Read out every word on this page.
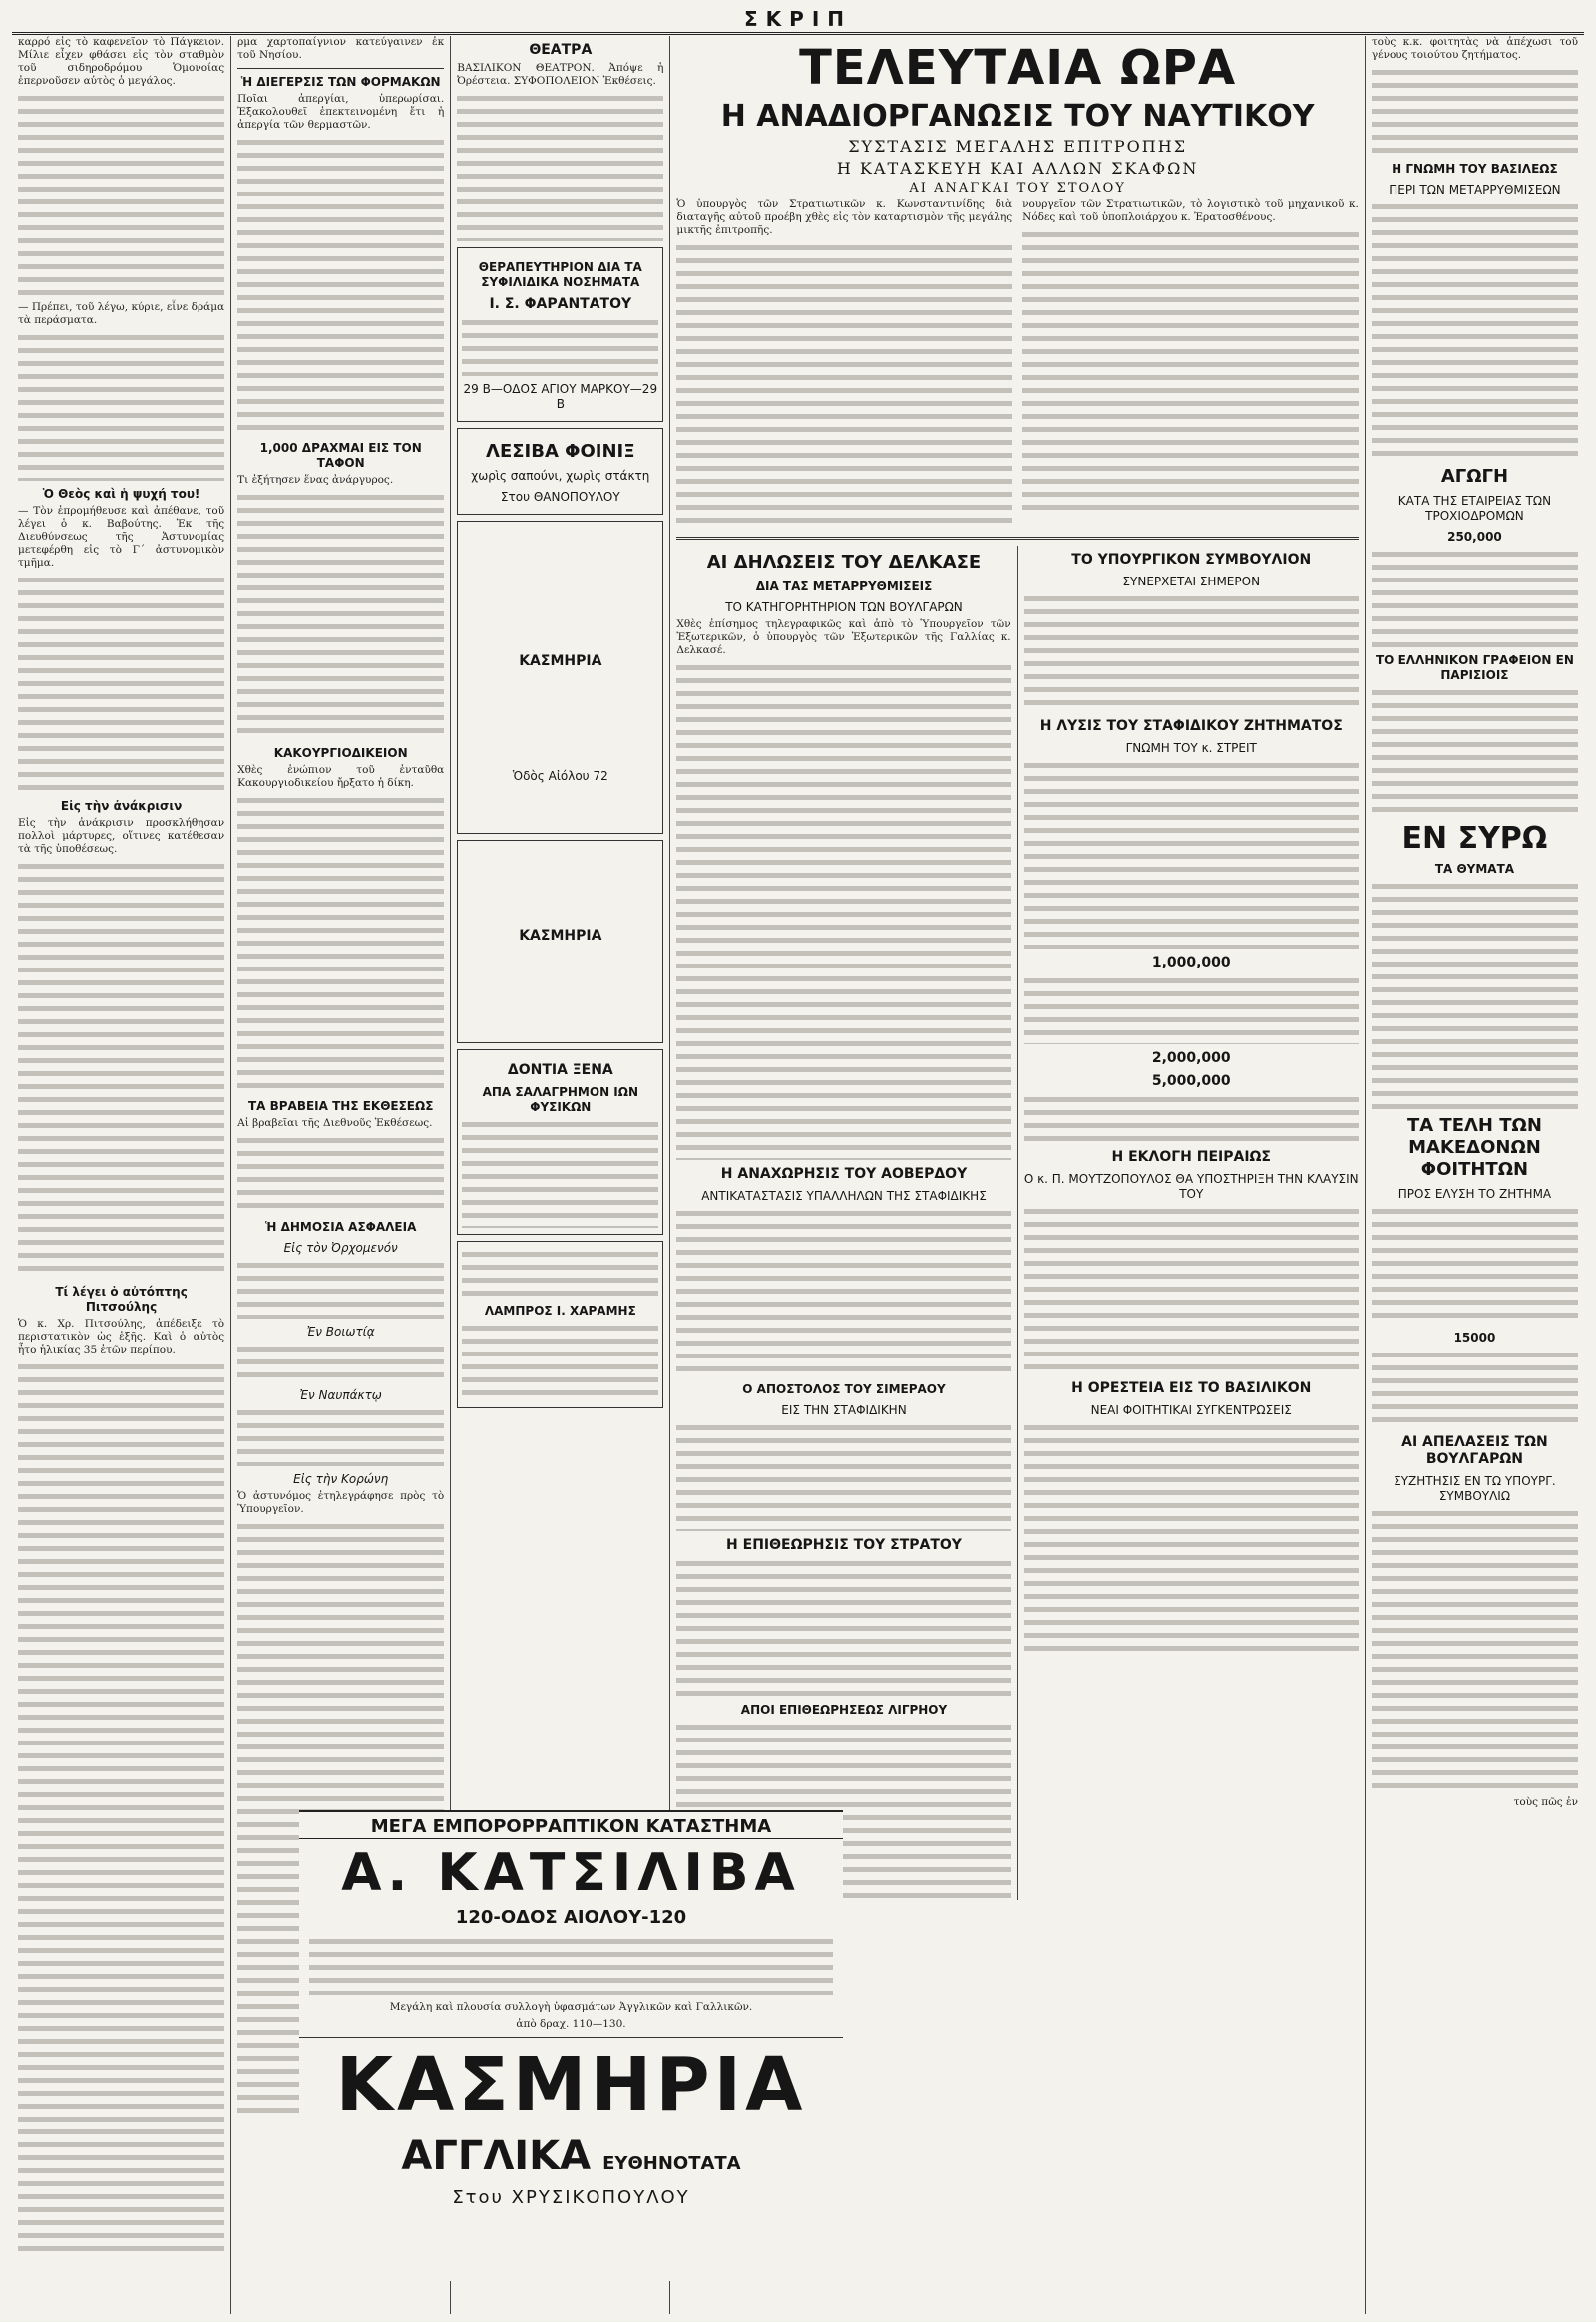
ΣΚΡΙΠ

καρρό εἰς τὸ καφενεῖον τὸ Πάγκειον. Μίλιε εἶχεν φθάσει εἰς τὸν σταθμὸν τοῦ σιδηροδρόμου Ὁμονοίας ἐπερνοῦσεν αὐτὸς ὁ μεγάλος.

— Πρέπει, τοῦ λέγω, κύριε, εἶνε δράμα τὰ περάσματα.

Ὁ Θεὸς καὶ ἡ ψυχή του!

— Τὸν ἐπρομήθευσε καὶ ἀπέθανε, τοῦ λέγει ὁ κ. Βαβούτης. Ἐκ τῆς Διευθύνσεως τῆς Ἀστυνομίας μετεφέρθη εἰς τὸ Γ΄ ἀστυνομικὸν τμῆμα.

Εἰς τὴν ἀνάκρισιν

Εἰς τὴν ἀνάκρισιν προσκλήθησαν πολλοὶ μάρτυρες, οἵτινες κατέθεσαν τὰ τῆς ὑποθέσεως.

Τί λέγει ὁ αὐτόπτης Πιτσούλης

Ὁ κ. Χρ. Πιτσούλης, ἀπέδειξε τὸ περιστατικὸν ὡς ἑξῆς. Καὶ ὁ αὐτὸς ἦτο ἡλικίας 35 ἐτῶν περίπου.

ρμα χαρτοπαίγνιον κατεύγαινεν ἐκ τοῦ Νησίου.

Ἡ ΔΙΕΓΕΡΣΙΣ ΤΩΝ ΦΟΡΜΑΚΩΝ

Ποῖαι ἀπεργίαι, ὑπερωρίσαι. Ἐξακολουθεῖ ἐπεκτεινομένη ἔτι ἡ ἀπεργία τῶν θερμαστῶν.

1,000 ΔΡΑΧΜΑΙ ΕΙΣ ΤΟΝ ΤΑΦΟΝ

Τι ἐξήτησεν ἕνας ἀνάργυρος.

ΚΑΚΟΥΡΓΙΟΔΙΚΕΙΟΝ

Χθὲς ἐνώπιον τοῦ ἐνταῦθα Κακουργιοδικείου ἤρξατο ἡ δίκη.

ΤΑ ΒΡΑΒΕΙΑ ΤΗΣ ΕΚΘΕΣΕΩΣ

Αἱ βραβεῖαι τῆς Διεθνοῦς Ἐκθέσεως.

Ἡ ΔΗΜΟΣΙΑ ΑΣΦΑΛΕΙΑ
Εἰς τὸν Ὀρχομενόν
Ἐν Βοιωτίᾳ
Ἐν Ναυπάκτῳ
Εἰς τὴν Κορώνη

Ὁ ἀστυνόμος ἐτηλεγράφησε πρὸς τὸ Ὑπουργεῖον.

ΘΕΑΤΡΑ

ΒΑΣΙΛΙΚΟΝ ΘΕΑΤΡΟΝ. Ἀπόψε ἡ Ὀρέστεια. ΣΥΦΟΠΟΛΕΙΟΝ Ἐκθέσεις.

ΘΕΡΑΠΕΥΤΗΡΙΟΝ ΔΙΑ ΤΑ ΣΥΦΙΛΙΔΙΚΑ ΝΟΣΗΜΑΤΑ
Ι. Σ. ΦΑΡΑΝΤΑΤΟΥ
29 Β—ΟΔΟΣ ΑΓΙΟΥ ΜΑΡΚΟΥ—29 Β
ΛΕΣΙΒΑ ΦΟΙΝΙΞ
χωρὶς σαπούνι, χωρὶς στάκτη
Στου ΘΑΝΟΠΟΥΛΟΥ
ΚΑΣΜΗΡΙΑ
Ὁδὸς Αἰόλου 72
ΚΑΣΜΗΡΙΑ
ΔΟΝΤΙΑ ΞΕΝΑ
ΑΠΑ ΣΑΛΑΓΡΗΜΟΝ ΙΩΝ ΦΥΣΙΚΩΝ
ΛΑΜΠΡΟΣ Ι. ΧΑΡΑΜΗΣ
ΤΕΛΕΥΤΑΙΑ ΩΡΑ
Η ΑΝΑΔΙΟΡΓΑΝΩΣΙΣ ΤΟΥ ΝΑΥΤΙΚΟΥ
ΣΥΣΤΑΣΙΣ ΜΕΓΑΛΗΣ ΕΠΙΤΡΟΠΗΣ
Η ΚΑΤΑΣΚΕΥΗ ΚΑΙ ΑΛΛΩΝ ΣΚΑΦΩΝ
ΑΙ ΑΝΑΓΚΑΙ ΤΟΥ ΣΤΟΛΟΥ

Ὁ ὑπουργὸς τῶν Στρατιωτικῶν κ. Κωνσταντινίδης διὰ διαταγῆς αὐτοῦ προέβη χθὲς εἰς τὸν καταρτισμὸν τῆς μεγάλης μικτῆς ἐπιτροπῆς.

νουργεῖον τῶν Στρατιωτικῶν, τὸ λογιστικὸ τοῦ μηχανικοῦ κ. Νόδες καὶ τοῦ ὑποπλοιάρχου κ. Ἐρατοσθένους.

ΑΙ ΔΗΛΩΣΕΙΣ ΤΟΥ ΔΕΛΚΑΣΕ
ΔΙΑ ΤΑΣ ΜΕΤΑΡΡΥΘΜΙΣΕΙΣ
ΤΟ ΚΑΤΗΓΟΡΗΤΗΡΙΟΝ ΤΩΝ ΒΟΥΛΓΑΡΩΝ

Χθὲς ἐπίσημος τηλεγραφικῶς καὶ ἀπὸ τὸ Ὑπουργεῖον τῶν Ἐξωτερικῶν, ὁ ὑπουργὸς τῶν Ἐξωτερικῶν τῆς Γαλλίας κ. Δελκασέ.

Η ΑΝΑΧΩΡΗΣΙΣ ΤΟΥ ΑΟΒΕΡΔΟΥ
ΑΝΤΙΚΑΤΑΣΤΑΣΙΣ ΥΠΑΛΛΗΛΩΝ ΤΗΣ ΣΤΑΦΙΔΙΚΗΣ
Ο ΑΠΟΣΤΟΛΟΣ ΤΟΥ ΣΙΜΕΡΑΟΥ
ΕΙΣ ΤΗΝ ΣΤΑΦΙΔΙΚΗΝ
Η ΕΠΙΘΕΩΡΗΣΙΣ ΤΟΥ ΣΤΡΑΤΟΥ
ΑΠΟΙ ΕΠΙΘΕΩΡΗΣΕΩΣ ΛΙΓΡΗΟΥ
ΤΟ ΥΠΟΥΡΓΙΚΟΝ ΣΥΜΒΟΥΛΙΟΝ
ΣΥΝΕΡΧΕΤΑΙ ΣΗΜΕΡΟΝ
Η ΛΥΣΙΣ ΤΟΥ ΣΤΑΦΙΔΙΚΟΥ ΖΗΤΗΜΑΤΟΣ
ΓΝΩΜΗ ΤΟΥ κ. ΣΤΡΕΙΤ
1,000,000
2,000,000
5,000,000
Η ΕΚΛΟΓΗ ΠΕΙΡΑΙΩΣ
Ο κ. Π. ΜΟΥΤΖΟΠΟΥΛΟΣ ΘΑ ΥΠΟΣΤΗΡΙΞΗ ΤΗΝ ΚΛΑΥΣΙΝ ΤΟΥ
Η ΟΡΕΣΤΕΙΑ ΕΙΣ ΤΟ ΒΑΣΙΛΙΚΟΝ
ΝΕΑΙ ΦΟΙΤΗΤΙΚΑΙ ΣΥΓΚΕΝΤΡΩΣΕΙΣ

τοὺς κ.κ. φοιτητὰς νὰ ἀπέχωσι τοῦ γένους τοιούτου ζητήματος.

Η ΓΝΩΜΗ ΤΟΥ ΒΑΣΙΛΕΩΣ
ΠΕΡΙ ΤΩΝ ΜΕΤΑΡΡΥΘΜΙΣΕΩΝ
ΑΓΩΓΗ
ΚΑΤΑ ΤΗΣ ΕΤΑΙΡΕΙΑΣ ΤΩΝ ΤΡΟΧΙΟΔΡΟΜΩΝ
250,000
ΤΟ ΕΛΛΗΝΙΚΟΝ ΓΡΑΦΕΙΟΝ ΕΝ ΠΑΡΙΣΙΟΙΣ
ΕΝ ΣΥΡΩ
ΤΑ ΘΥΜΑΤΑ
ΤΑ ΤΕΛΗ ΤΩΝ ΜΑΚΕΔΟΝΩΝ ΦΟΙΤΗΤΩΝ
ΠΡΟΣ ΕΛΥΣΗ ΤΟ ΖΗΤΗΜΑ
15000
ΑΙ ΑΠΕΛΑΣΕΙΣ ΤΩΝ ΒΟΥΛΓΑΡΩΝ
ΣΥΖΗΤΗΣΙΣ ΕΝ ΤΩ ΥΠΟΥΡΓ. ΣΥΜΒΟΥΛΙΩ
τοὺς πῶς ἐν
ΜΕΓΑ ΕΜΠΟΡΟΡΡΑΠΤΙΚΟΝ ΚΑΤΑΣΤΗΜΑ
Α. ΚΑΤΣΙΛΙΒΑ
120-ΟΔΟΣ ΑΙΟΛΟΥ-120

Μεγάλη καὶ πλουσία συλλογὴ ὑφασμάτων Ἀγγλικῶν καὶ Γαλλικῶν.

ἀπὸ δραχ. 110—130.

ΚΑΣΜΗΡΙΑ
ΑΓΓΛΙΚΑ ΕΥΘΗΝΟΤΑΤΑ
Στου ΧΡΥΣΙΚΟΠΟΥΛΟΥ
